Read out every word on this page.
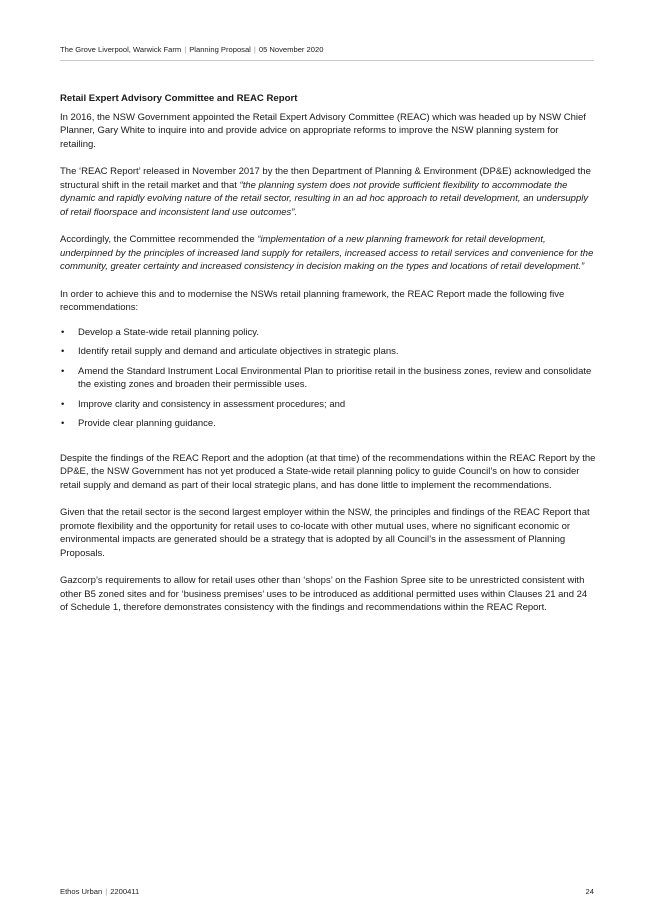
The Grove Liverpool, Warwick Farm | Planning Proposal | 05 November 2020
Retail Expert Advisory Committee and REAC Report

In 2016, the NSW Government appointed the Retail Expert Advisory Committee (REAC) which was headed up by NSW Chief Planner, Gary White to inquire into and provide advice on appropriate reforms to improve the NSW planning system for retailing.

The ‘REAC Report’ released in November 2017 by the then Department of Planning & Environment (DP&E) acknowledged the structural shift in the retail market and that “the planning system does not provide sufficient flexibility to accommodate the dynamic and rapidly evolving nature of the retail sector, resulting in an ad hoc approach to retail development, an undersupply of retail floorspace and inconsistent land use outcomes”.

Accordingly, the Committee recommended the “implementation of a new planning framework for retail development, underpinned by the principles of increased land supply for retailers, increased access to retail services and convenience for the community, greater certainty and increased consistency in decision making on the types and locations of retail development.”

In order to achieve this and to modernise the NSWs retail planning framework, the REAC Report made the following five recommendations:

• Develop a State-wide retail planning policy.
• Identify retail supply and demand and articulate objectives in strategic plans.
• Amend the Standard Instrument Local Environmental Plan to prioritise retail in the business zones, review and consolidate the existing zones and broaden their permissible uses.
• Improve clarity and consistency in assessment procedures; and
• Provide clear planning guidance.

Despite the findings of the REAC Report and the adoption (at that time) of the recommendations within the REAC Report by the DP&E, the NSW Government has not yet produced a State-wide retail planning policy to guide Council’s on how to consider retail supply and demand as part of their local strategic plans, and has done little to implement the recommendations.

Given that the retail sector is the second largest employer within the NSW, the principles and findings of the REAC Report that promote flexibility and the opportunity for retail uses to co-locate with other mutual uses, where no significant economic or environmental impacts are generated should be a strategy that is adopted by all Council’s in the assessment of Planning Proposals.

Gazcorp’s requirements to allow for retail uses other than ‘shops’ on the Fashion Spree site to be unrestricted consistent with other B5 zoned sites and for ‘business premises’ uses to be introduced as additional permitted uses within Clauses 21 and 24 of Schedule 1, therefore demonstrates consistency with the findings and recommendations within the REAC Report.

Ethos Urban | 2200411	24
